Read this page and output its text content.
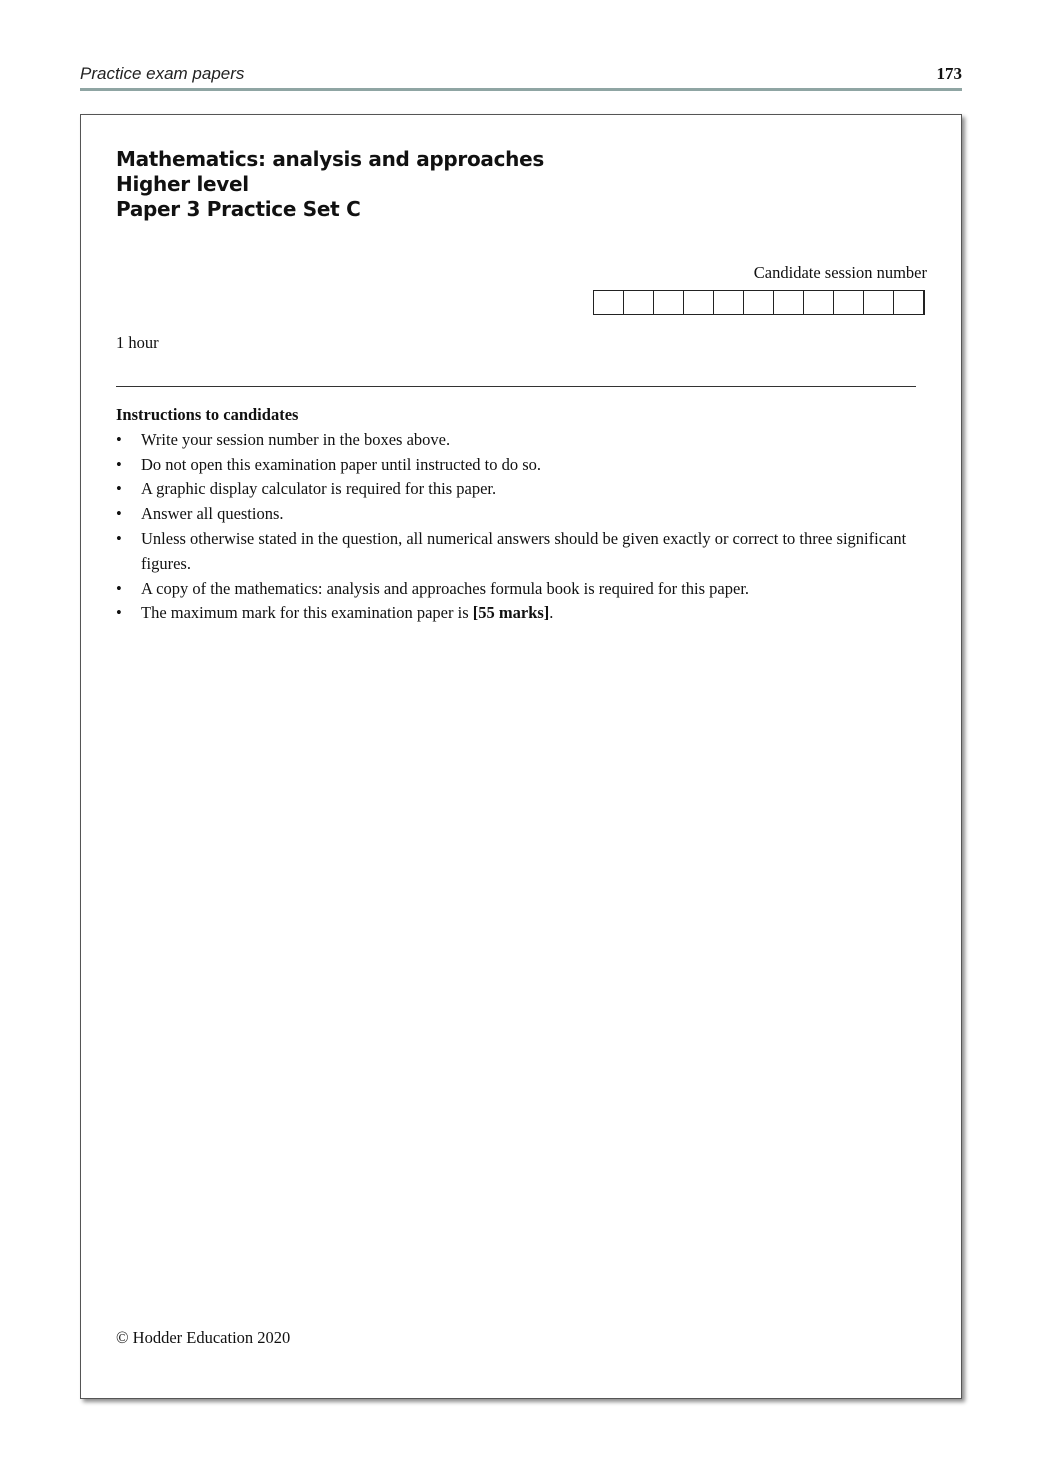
Practice exam papers	173
Mathematics: analysis and approaches
Higher level
Paper 3 Practice Set C
Candidate session number
1 hour
Instructions to candidates
• Write your session number in the boxes above.
• Do not open this examination paper until instructed to do so.
• A graphic display calculator is required for this paper.
• Answer all questions.
• Unless otherwise stated in the question, all numerical answers should be given exactly or correct to three significant figures.
• A copy of the mathematics: analysis and approaches formula book is required for this paper.
• The maximum mark for this examination paper is [55 marks].
© Hodder Education 2020
